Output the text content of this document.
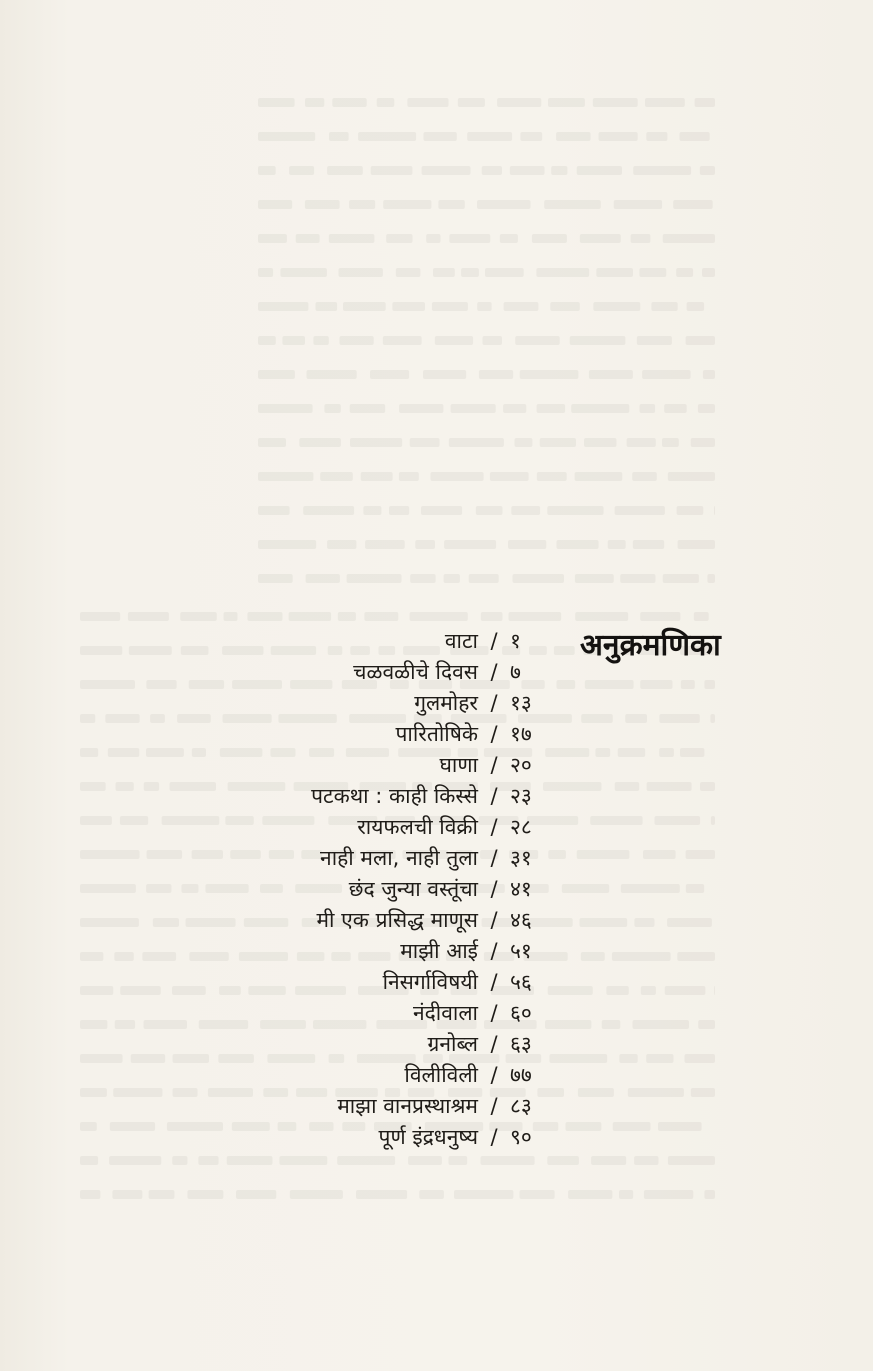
अनुक्रमणिका
वाटा / १
चळवळीचे दिवस / ७
गुलमोहर / १३
पारितोषिके / १७
घाणा / २०
पटकथा : काही किस्से / २३
रायफलची विक्री / २८
नाही मला, नाही तुला / ३१
छंद जुन्या वस्तूंचा / ४१
मी एक प्रसिद्ध माणूस / ४६
माझी आई / ५१
निसर्गाविषयी / ५६
नंदीवाला / ६०
ग्रनोब्ल / ६३
विलीविली / ७७
माझा वानप्रस्थाश्रम / ८३
पूर्ण इंद्रधनुष्य / ९०
